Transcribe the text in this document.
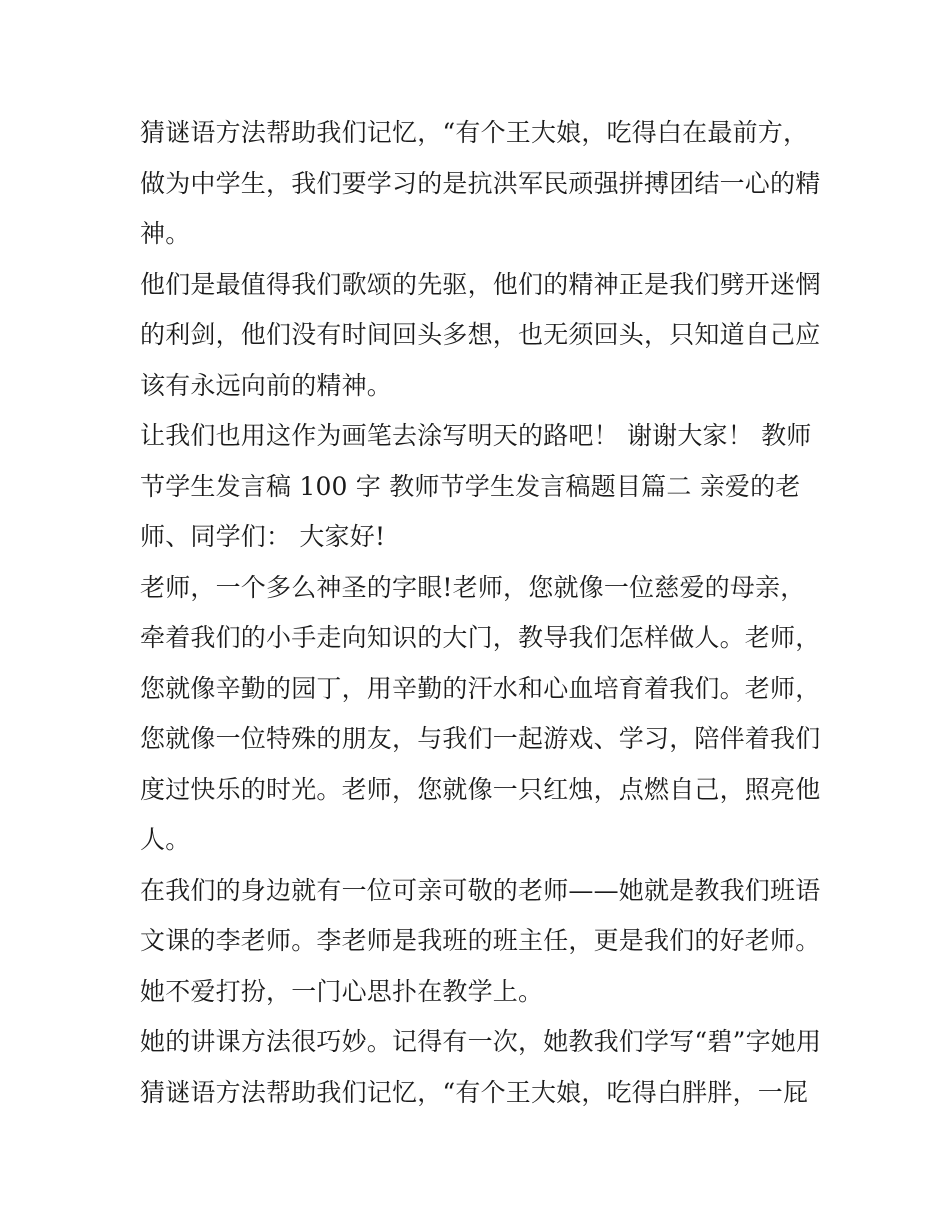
猜谜语方法帮助我们记忆，“有个王大娘，吃得白在最前方，
做为中学生，我们要学习的是抗洪军民顽强拼搏团结一心的精
神。
他们是最值得我们歌颂的先驱，他们的精神正是我们劈开迷惘
的利剑，他们没有时间回头多想，也无须回头，只知道自己应
该有永远向前的精神。
让我们也用这作为画笔去涂写明天的路吧！ 谢谢大家！ 教师
节学生发言稿 100 字 教师节学生发言稿题目篇二 亲爱的老
师、同学们： 大家好!
老师，一个多么神圣的字眼!老师，您就像一位慈爱的母亲，
牵着我们的小手走向知识的大门，教导我们怎样做人。老师，
您就像辛勤的园丁，用辛勤的汗水和心血培育着我们。老师，
您就像一位特殊的朋友，与我们一起游戏、学习，陪伴着我们
度过快乐的时光。老师，您就像一只红烛，点燃自己，照亮他
人。
在我们的身边就有一位可亲可敬的老师——她就是教我们班语
文课的李老师。李老师是我班的班主任，更是我们的好老师。
她不爱打扮，一门心思扑在教学上。
她的讲课方法很巧妙。记得有一次，她教我们学写“碧”字她用
猜谜语方法帮助我们记忆，“有个王大娘，吃得白胖胖，一屁
